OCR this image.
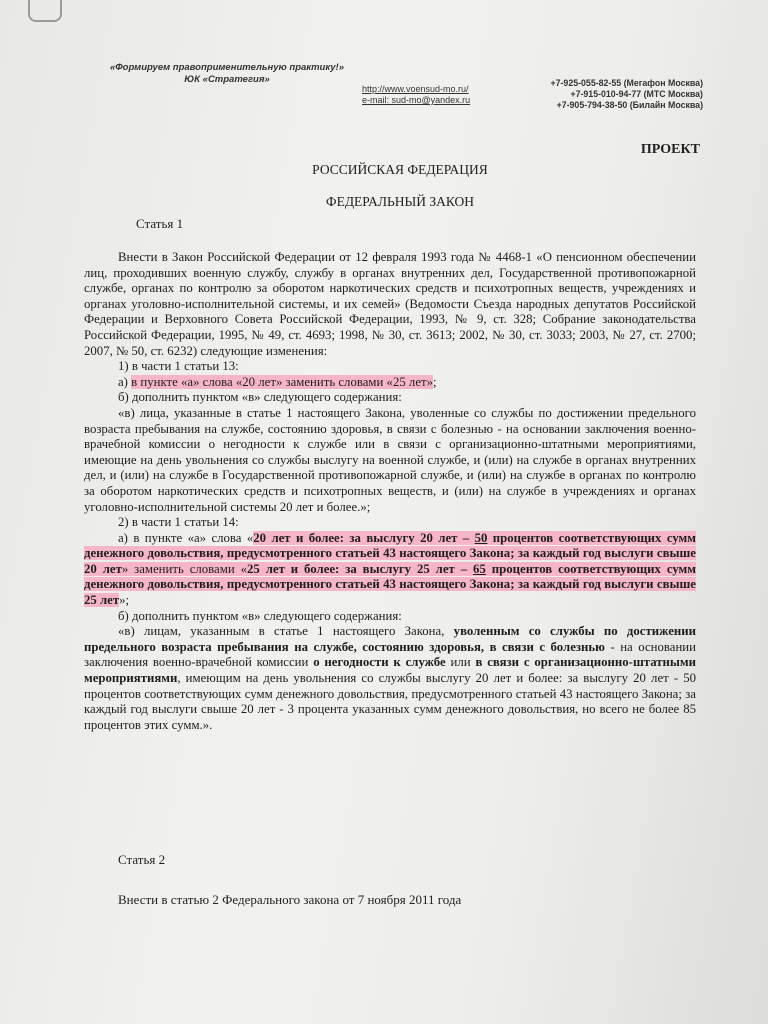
«Формируем правоприменительную практику!»
ЮК «Стратегия»
http://www.voensud-mo.ru/
e-mail: sud-mo@yandex.ru
+7-925-055-82-55 (Мегафон Москва)
+7-915-010-94-77 (МТС Москва)
+7-905-794-38-50 (Билайн Москва)
ПРОЕКТ
РОССИЙСКАЯ ФЕДЕРАЦИЯ
ФЕДЕРАЛЬНЫЙ ЗАКОН
Статья 1

Внести в Закон Российской Федерации от 12 февраля 1993 года № 4468-1 «О пенсионном обеспечении лиц, проходивших военную службу, службу в органах внутренних дел, Государственной противопожарной службе, органах по контролю за оборотом наркотических средств и психотропных веществ, учреждениях и органах уголовно-исполнительной системы, и их семей» (Ведомости Съезда народных депутатов Российской Федерации и Верховного Совета Российской Федерации, 1993, № 9, ст. 328; Собрание законодательства Российской Федерации, 1995, № 49, ст. 4693; 1998, № 30, ст. 3613; 2002, № 30, ст. 3033; 2003, № 27, ст. 2700; 2007, № 50, ст. 6232) следующие изменения:

1) в части 1 статьи 13:

а) в пункте «а» слова «20 лет» заменить словами «25 лет»;

б) дополнить пунктом «в» следующего содержания:

«в) лица, указанные в статье 1 настоящего Закона, уволенные со службы по достижении предельного возраста пребывания на службе, состоянию здоровья, в связи с болезнью - на основании заключения военно-врачебной комиссии о негодности к службе или в связи с организационно-штатными мероприятиями, имеющие на день увольнения со службы выслугу на военной службе, и (или) на службе в органах внутренних дел, и (или) на службе в Государственной противопожарной службе, и (или) на службе в органах по контролю за оборотом наркотических средств и психотропных веществ, и (или) на службе в учреждениях и органах уголовно-исполнительной системы 20 лет и более.»;

2) в части 1 статьи 14:

а) в пункте «а» слова «20 лет и более: за выслугу 20 лет – 50 процентов соответствующих сумм денежного довольствия, предусмотренного статьей 43 настоящего Закона; за каждый год выслуги свыше 20 лет» заменить словами «25 лет и более: за выслугу 25 лет – 65 процентов соответствующих сумм денежного довольствия, предусмотренного статьей 43 настоящего Закона; за каждый год выслуги свыше 25 лет»;

б) дополнить пунктом «в» следующего содержания:

«в) лицам, указанным в статье 1 настоящего Закона, уволенным со службы по достижении предельного возраста пребывания на службе, состоянию здоровья, в связи с болезнью - на основании заключения военно-врачебной комиссии о негодности к службе или в связи с организационно-штатными мероприятиями, имеющим на день увольнения со службы выслугу 20 лет и более: за выслугу 20 лет - 50 процентов соответствующих сумм денежного довольствия, предусмотренного статьей 43 настоящего Закона; за каждый год выслуги свыше 20 лет - 3 процента указанных сумм денежного довольствия, но всего не более 85 процентов этих сумм.».

Статья 2
Внести в статью 2 Федерального закона от 7 ноября 2011 года
